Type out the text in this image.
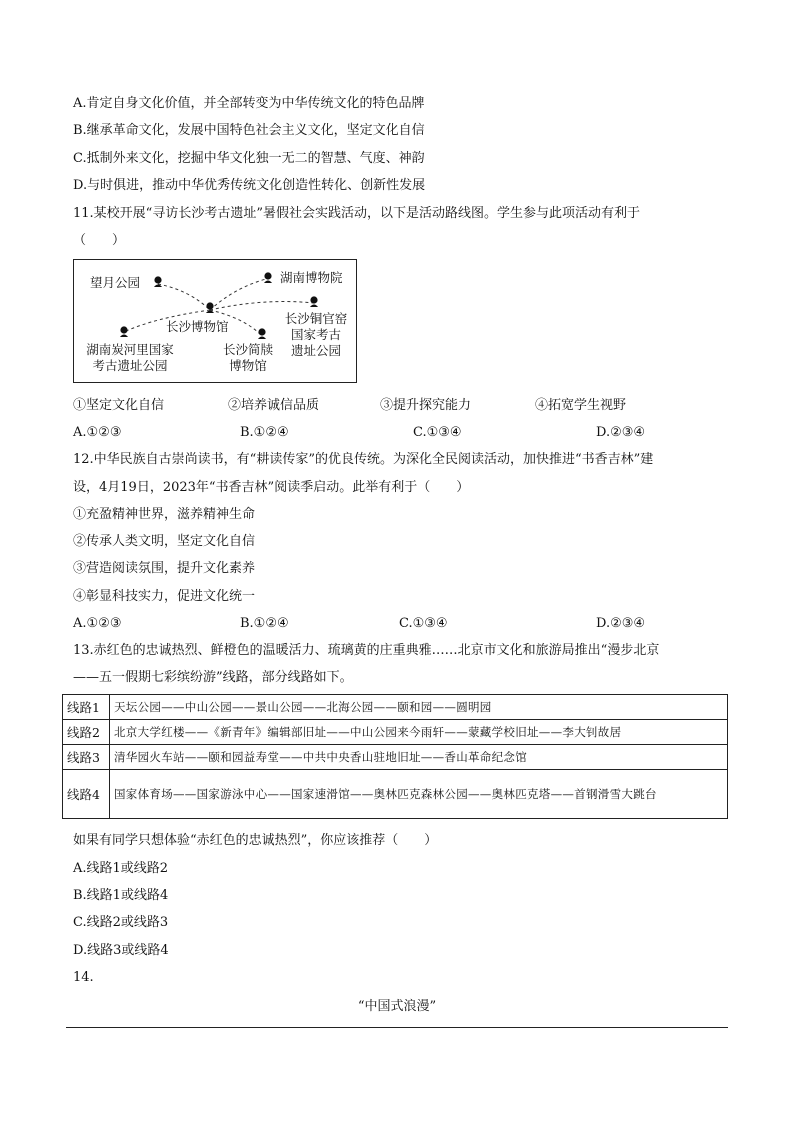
A.肯定自身文化价值，并全部转变为中华传统文化的特色品牌
B.继承革命文化，发展中国特色社会主义文化，坚定文化自信
C.抵制外来文化，挖掘中华文化独一无二的智慧、气度、神韵
D.与时俱进，推动中华优秀传统文化创造性转化、创新性发展
11.某校开展“寻访长沙考古遗址”暑假社会实践活动，以下是活动路线图。学生参与此项活动有利于
（　　）
望月公园	湖南博物院
长沙博物馆
长沙铜官窑
国家考古
遗址公园
湖南炭河里国家
考古遗址公园
长沙简牍
博物馆
①坚定文化自信	②培养诚信品质	③提升探究能力	④拓宽学生视野
A.①②③	B.①②④	C.①③④	D.②③④
12.中华民族自古崇尚读书，有“耕读传家”的优良传统。为深化全民阅读活动，加快推进“书香吉林”建
设，4月19日，2023年“书香吉林”阅读季启动。此举有利于（　　）
①充盈精神世界，滋养精神生命
②传承人类文明，坚定文化自信
③营造阅读氛围，提升文化素养
④彰显科技实力，促进文化统一
A.①②③	B.①②④	C.①③④	D.②③④
13.赤红色的忠诚热烈、鲜橙色的温暖活力、琉璃黄的庄重典雅……北京市文化和旅游局推出“漫步北京
——五一假期七彩缤纷游”线路，部分线路如下。
线路1	天坛公园——中山公园——景山公园——北海公园——颐和园——圆明园
线路2	北京大学红楼——《新青年》编辑部旧址——中山公园来今雨轩——蒙藏学校旧址——李大钊故居
线路3	清华园火车站——颐和园益寿堂——中共中央香山驻地旧址——香山革命纪念馆
线路4	国家体育场——国家游泳中心——国家速滑馆——奥林匹克森林公园——奥林匹克塔——首钢滑雪大跳台
如果有同学只想体验“赤红色的忠诚热烈”，你应该推荐（　　）
A.线路1或线路2
B.线路1或线路4
C.线路2或线路3
D.线路3或线路4
14.
“中国式浪漫”
